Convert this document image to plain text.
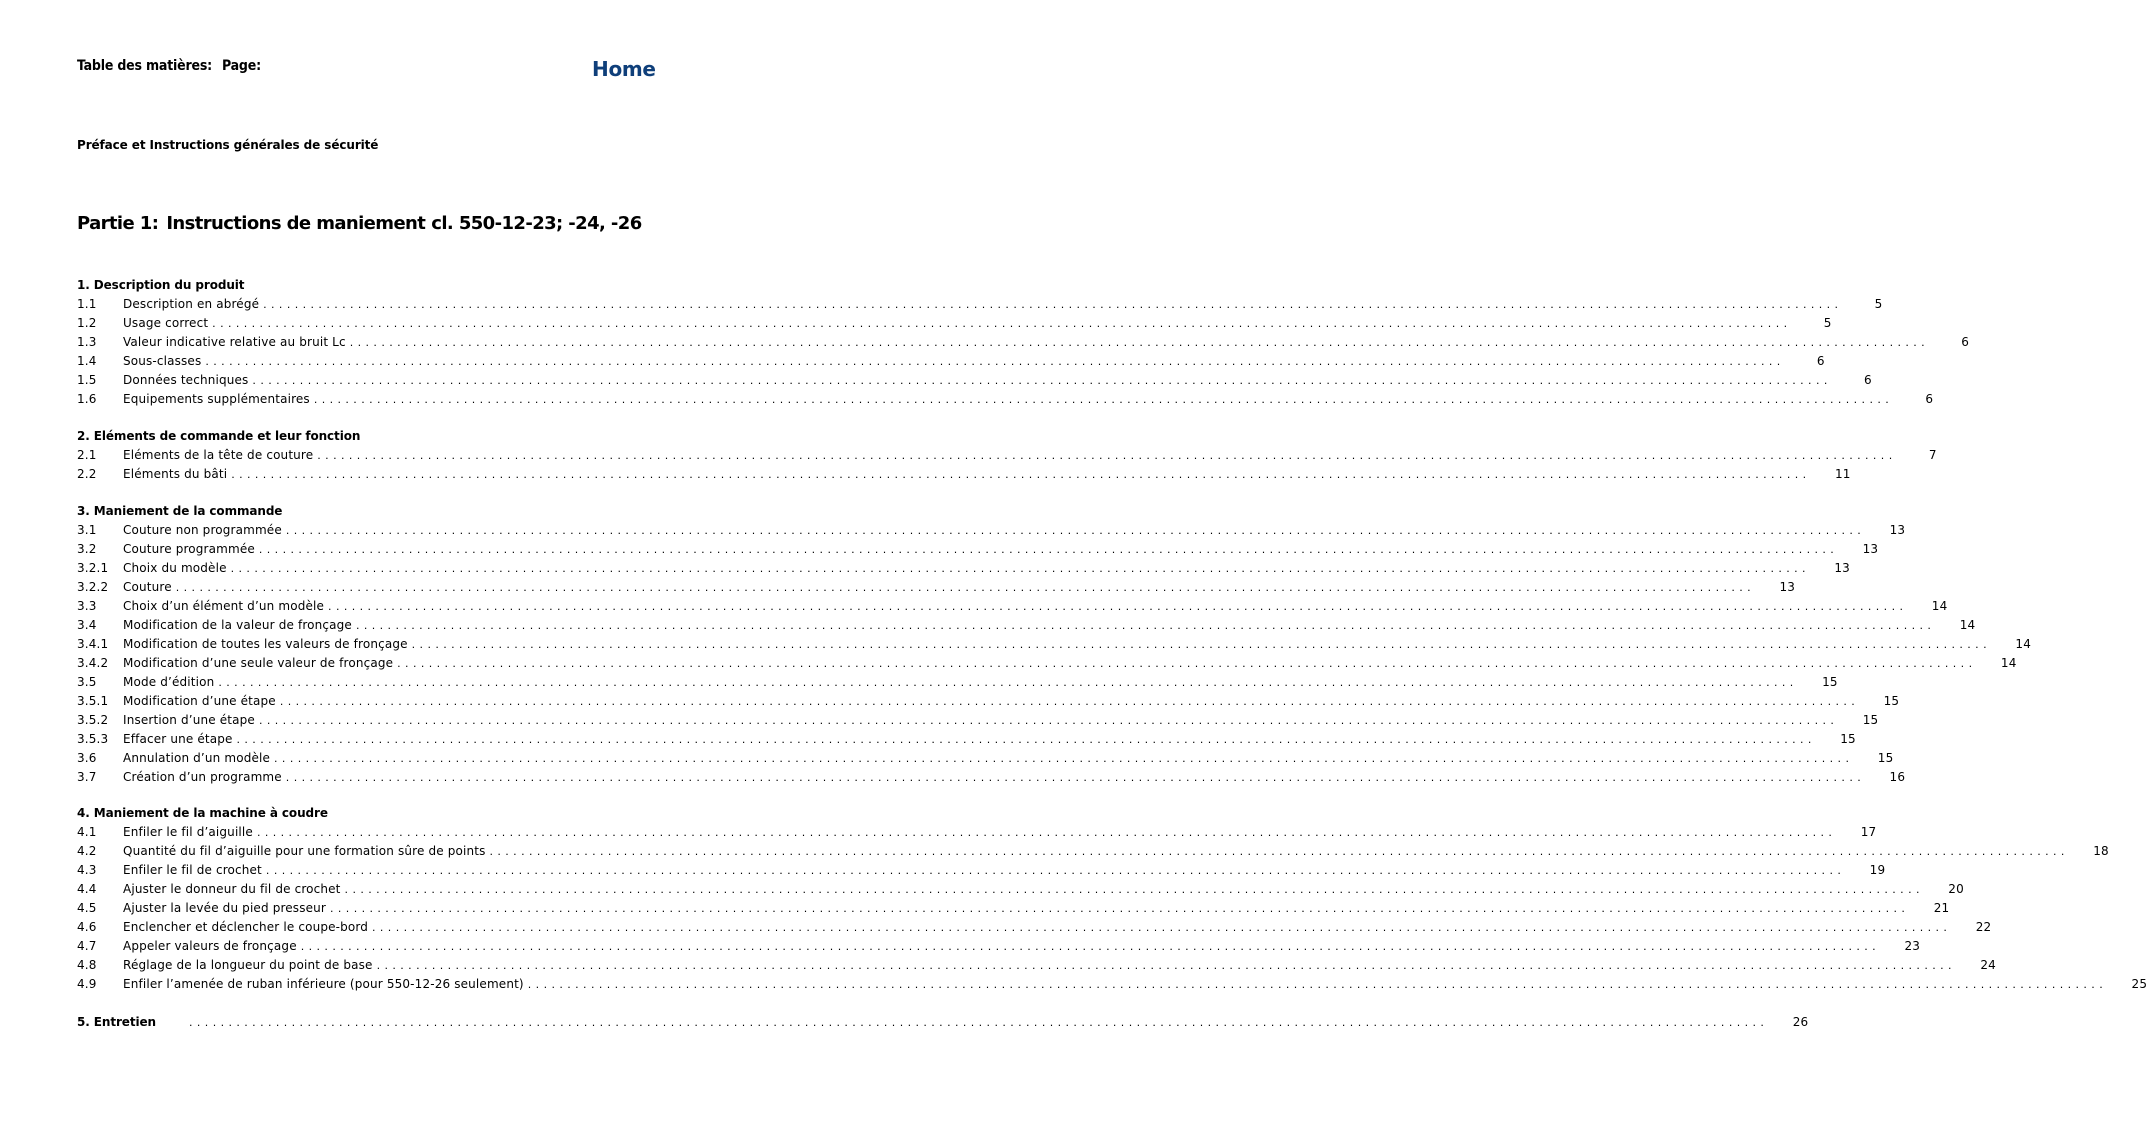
Table des matières: Page:	Home
Préface et Instructions générales de sécurité
Partie 1: Instructions de maniement cl. 550-12-23; -24, -26
1. Description du produit
1.1	Description en abrégé ........................................................................................................................................................................................................	5
1.2	Usage correct ........................................................................................................................................................................................................	5
1.3	Valeur indicative relative au bruit Lc ........................................................................................................................................................................................................	6
1.4	Sous-classes ........................................................................................................................................................................................................	6
1.5	Données techniques ........................................................................................................................................................................................................	6
1.6	Equipements supplémentaires ........................................................................................................................................................................................................	6
2. Eléments de commande et leur fonction
2.1	Eléments de la tête de couture ........................................................................................................................................................................................................	7
2.2	Eléments du bâti ........................................................................................................................................................................................................	11
3. Maniement de la commande
3.1	Couture non programmée ........................................................................................................................................................................................................	13
3.2	Couture programmée ........................................................................................................................................................................................................	13
3.2.1	Choix du modèle ........................................................................................................................................................................................................	13
3.2.2	Couture ........................................................................................................................................................................................................	13
3.3	Choix d’un élément d’un modèle ........................................................................................................................................................................................................	14
3.4	Modification de la valeur de fronçage ........................................................................................................................................................................................................	14
3.4.1	Modification de toutes les valeurs de fronçage ........................................................................................................................................................................................................	14
3.4.2	Modification d’une seule valeur de fronçage ........................................................................................................................................................................................................	14
3.5	Mode d’édition ........................................................................................................................................................................................................	15
3.5.1	Modification d’une étape ........................................................................................................................................................................................................	15
3.5.2	Insertion d’une étape ........................................................................................................................................................................................................	15
3.5.3	Effacer une étape ........................................................................................................................................................................................................	15
3.6	Annulation d’un modèle ........................................................................................................................................................................................................	15
3.7	Création d’un programme ........................................................................................................................................................................................................	16
4. Maniement de la machine à coudre
4.1	Enfiler le fil d’aiguille ........................................................................................................................................................................................................	17
4.2	Quantité du fil d’aiguille pour une formation sûre de points ........................................................................................................................................................................................................	18
4.3	Enfiler le fil de crochet ........................................................................................................................................................................................................	19
4.4	Ajuster le donneur du fil de crochet ........................................................................................................................................................................................................	20
4.5	Ajuster la levée du pied presseur ........................................................................................................................................................................................................	21
4.6	Enclencher et déclencher le coupe-bord ........................................................................................................................................................................................................	22
4.7	Appeler valeurs de fronçage ........................................................................................................................................................................................................	23
4.8	Réglage de la longueur du point de base ........................................................................................................................................................................................................	24
4.9	Enfiler l’amenée de ruban inférieure (pour 550-12-26 seulement) ........................................................................................................................................................................................................	25
5. Entretien	........................................................................................................................................................................................................	26
